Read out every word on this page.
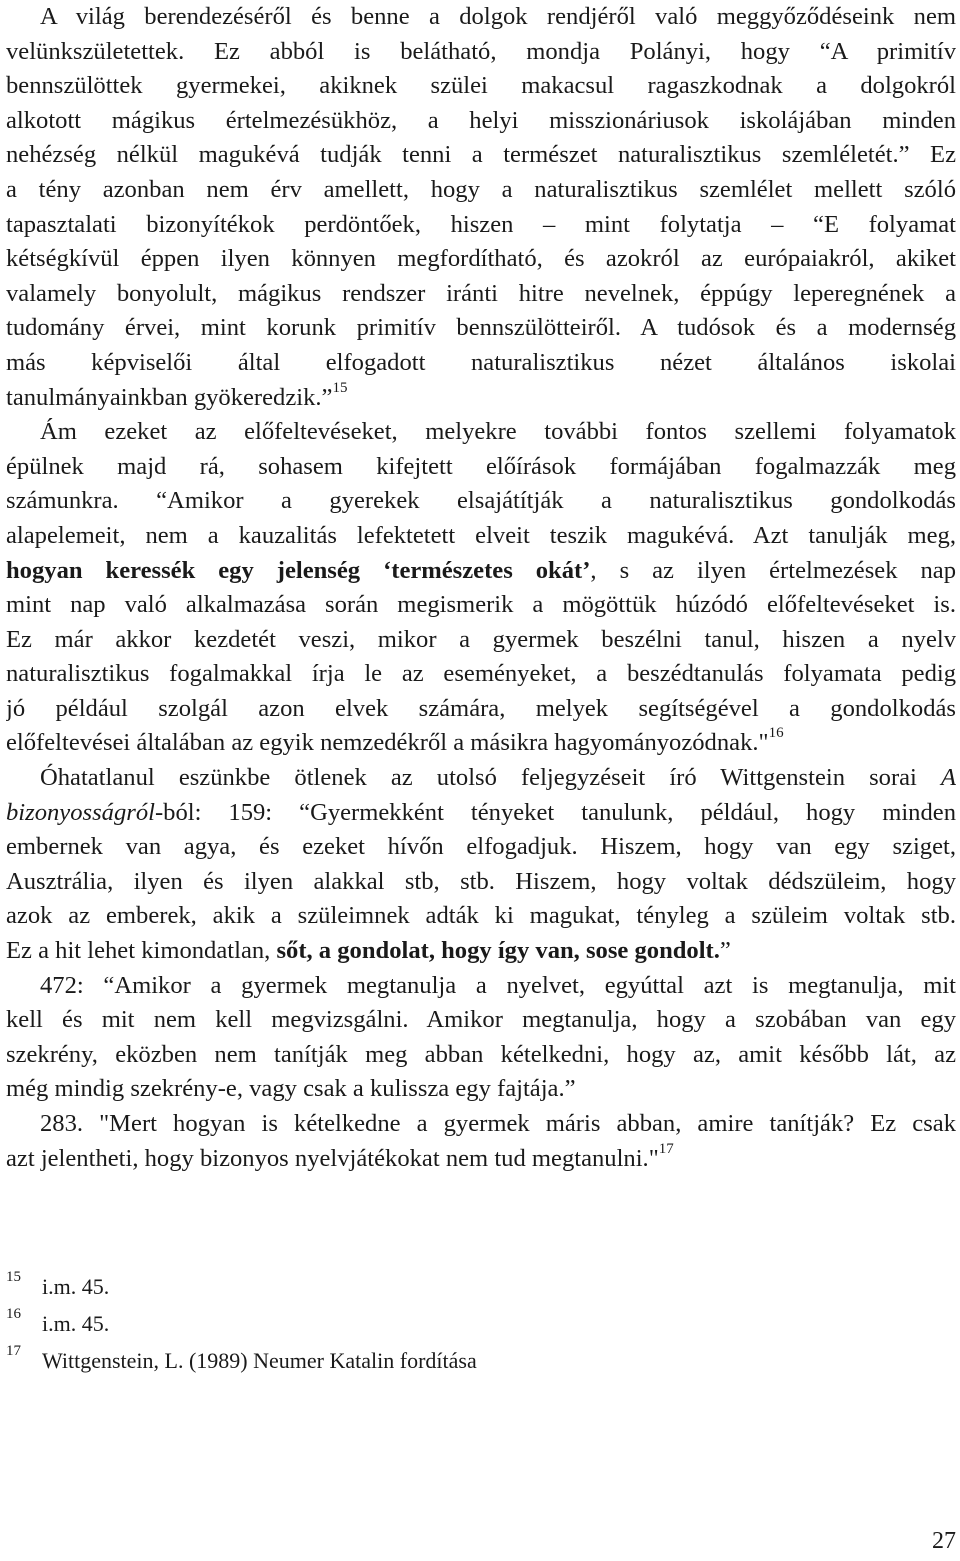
A világ berendezéséről és benne a dolgok rendjéről való meggyőződéseink nem
velünkszületettek. Ez abból is belátható, mondja Polányi, hogy “A primitív
bennszülöttek gyermekei, akiknek szülei makacsul ragaszkodnak a dolgokról
alkotott mágikus értelmezésükhöz, a helyi misszionáriusok iskolájában minden
nehézség nélkül magukévá tudják tenni a természet naturalisztikus szemléletét.” Ez
a tény azonban nem érv amellett, hogy a naturalisztikus szemlélet mellett szóló
tapasztalati bizonyítékok perdöntőek, hiszen – mint folytatja – “E folyamat
kétségkívül éppen ilyen könnyen megfordítható, és azokról az európaiakról, akiket
valamely bonyolult, mágikus rendszer iránti hitre nevelnek, éppúgy leperegnének a
tudomány érvei, mint korunk primitív bennszülötteiről. A tudósok és a modernség
más képviselői által elfogadott naturalisztikus nézet általános iskolai
tanulmányainkban gyökeredzik.”$^{15}$
Ám ezeket az előfeltevéseket, melyekre további fontos szellemi folyamatok
épülnek majd rá, sohasem kifejtett előírások formájában fogalmazzák meg
számunkra. “Amikor a gyerekek elsajátítják a naturalisztikus gondolkodás
alapelemeit, nem a kauzalitás lefektetett elveit teszik magukévá. Azt tanulják meg,
hogyan keressék egy jelenség ‘természetes okát’, s az ilyen értelmezések nap
mint nap való alkalmazása során megismerik a mögöttük húzódó előfeltevéseket is.
Ez már akkor kezdetét veszi, mikor a gyermek beszélni tanul, hiszen a nyelv
naturalisztikus fogalmakkal írja le az eseményeket, a beszédtanulás folyamata pedig
jó például szolgál azon elvek számára, melyek segítségével a gondolkodás
előfeltevései általában az egyik nemzedékről a másikra hagyományozódnak."$^{16}$
Óhatatlanul eszünkbe ötlenek az utolsó feljegyzéseit író Wittgenstein sorai A
bizonyosságról-ból: 159: “Gyermekként tényeket tanulunk, például, hogy minden
embernek van agya, és ezeket hívőn elfogadjuk. Hiszem, hogy van egy sziget,
Ausztrália, ilyen és ilyen alakkal stb, stb. Hiszem, hogy voltak dédszüleim, hogy
azok az emberek, akik a szüleimnek adták ki magukat, tényleg a szüleim voltak stb.
Ez a hit lehet kimondatlan, sőt, a gondolat, hogy így van, sose gondolt.”
472: “Amikor a gyermek megtanulja a nyelvet, egyúttal azt is megtanulja, mit
kell és mit nem kell megvizsgálni. Amikor megtanulja, hogy a szobában van egy
szekrény, eközben nem tanítják meg abban kételkedni, hogy az, amit később lát, az
még mindig szekrény-e, vagy csak a kulissza egy fajtája.”
283. "Mert hogyan is kételkedne a gyermek máris abban, amire tanítják? Ez csak
azt jelentheti, hogy bizonyos nyelvjátékokat nem tud megtanulni."$^{17}$
15 i.m. 45.
16 i.m. 45.
17 Wittgenstein, L. (1989) Neumer Katalin fordítása
27
